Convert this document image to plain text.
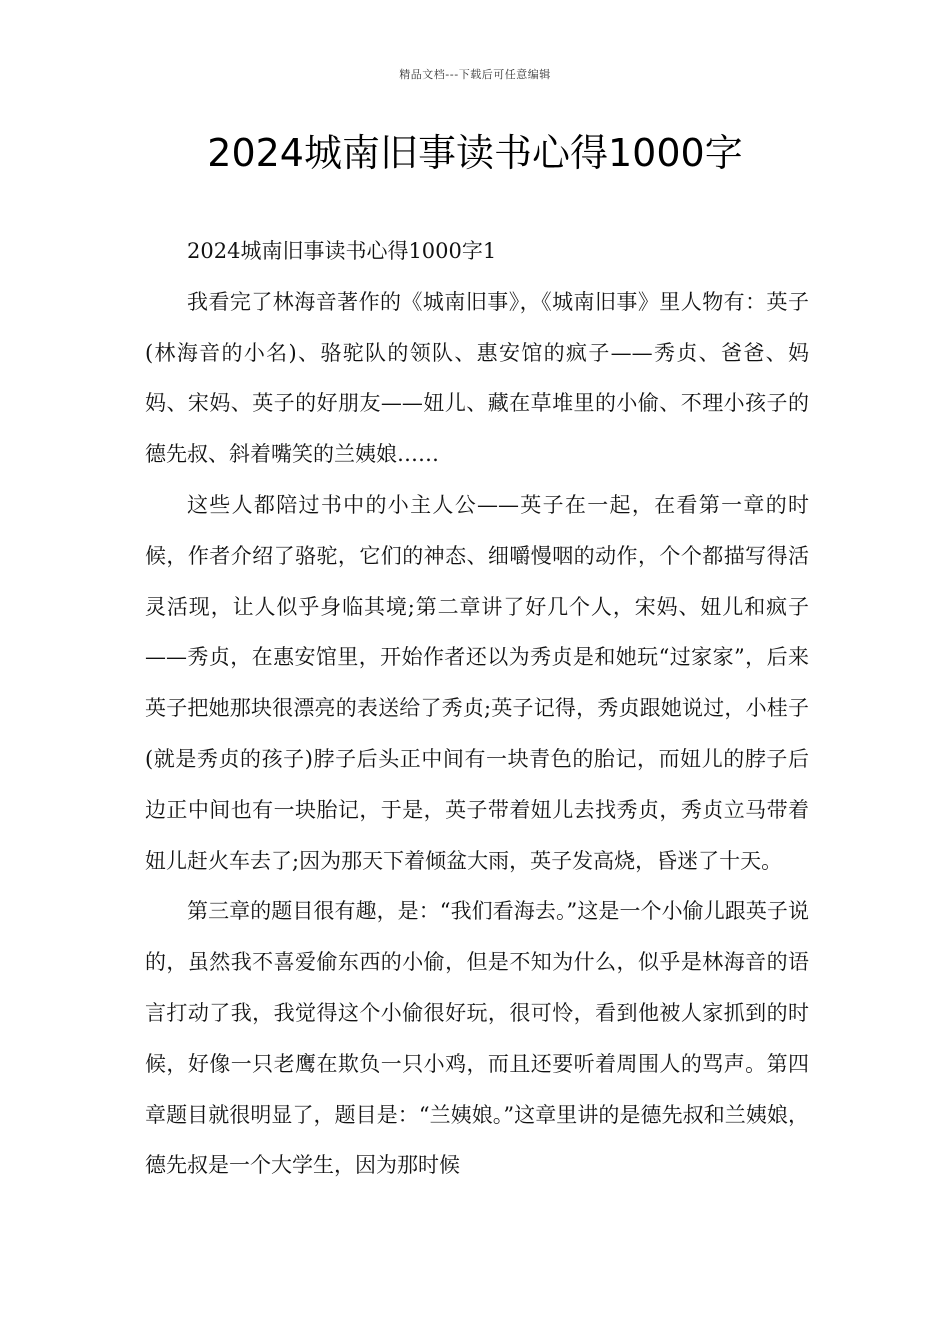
精品文档---下载后可任意编辑
2024城南旧事读书心得1000字

2024城南旧事读书心得1000字1

我看完了林海音著作的《城南旧事》，《城南旧事》里人物有：英子(林海音的小名)、骆驼队的领队、惠安馆的疯子——秀贞、爸爸、妈妈、宋妈、英子的好朋友——妞儿、藏在草堆里的小偷、不理小孩子的德先叔、斜着嘴笑的兰姨娘……

这些人都陪过书中的小主人公——英子在一起，在看第一章的时候，作者介绍了骆驼，它们的神态、细嚼慢咽的动作，个个都描写得活灵活现，让人似乎身临其境;第二章讲了好几个人，宋妈、妞儿和疯子——秀贞，在惠安馆里，开始作者还以为秀贞是和她玩“过家家”，后来英子把她那块很漂亮的表送给了秀贞;英子记得，秀贞跟她说过，小桂子(就是秀贞的孩子)脖子后头正中间有一块青色的胎记，而妞儿的脖子后边正中间也有一块胎记，于是，英子带着妞儿去找秀贞，秀贞立马带着妞儿赶火车去了;因为那天下着倾盆大雨，英子发高烧，昏迷了十天。

第三章的题目很有趣，是：“我们看海去。”这是一个小偷儿跟英子说的，虽然我不喜爱偷东西的小偷，但是不知为什么，似乎是林海音的语言打动了我，我觉得这个小偷很好玩，很可怜，看到他被人家抓到的时候，好像一只老鹰在欺负一只小鸡，而且还要听着周围人的骂声。第四章题目就很明显了，题目是：“兰姨娘。”这章里讲的是德先叔和兰姨娘，德先叔是一个大学生，因为那时候
